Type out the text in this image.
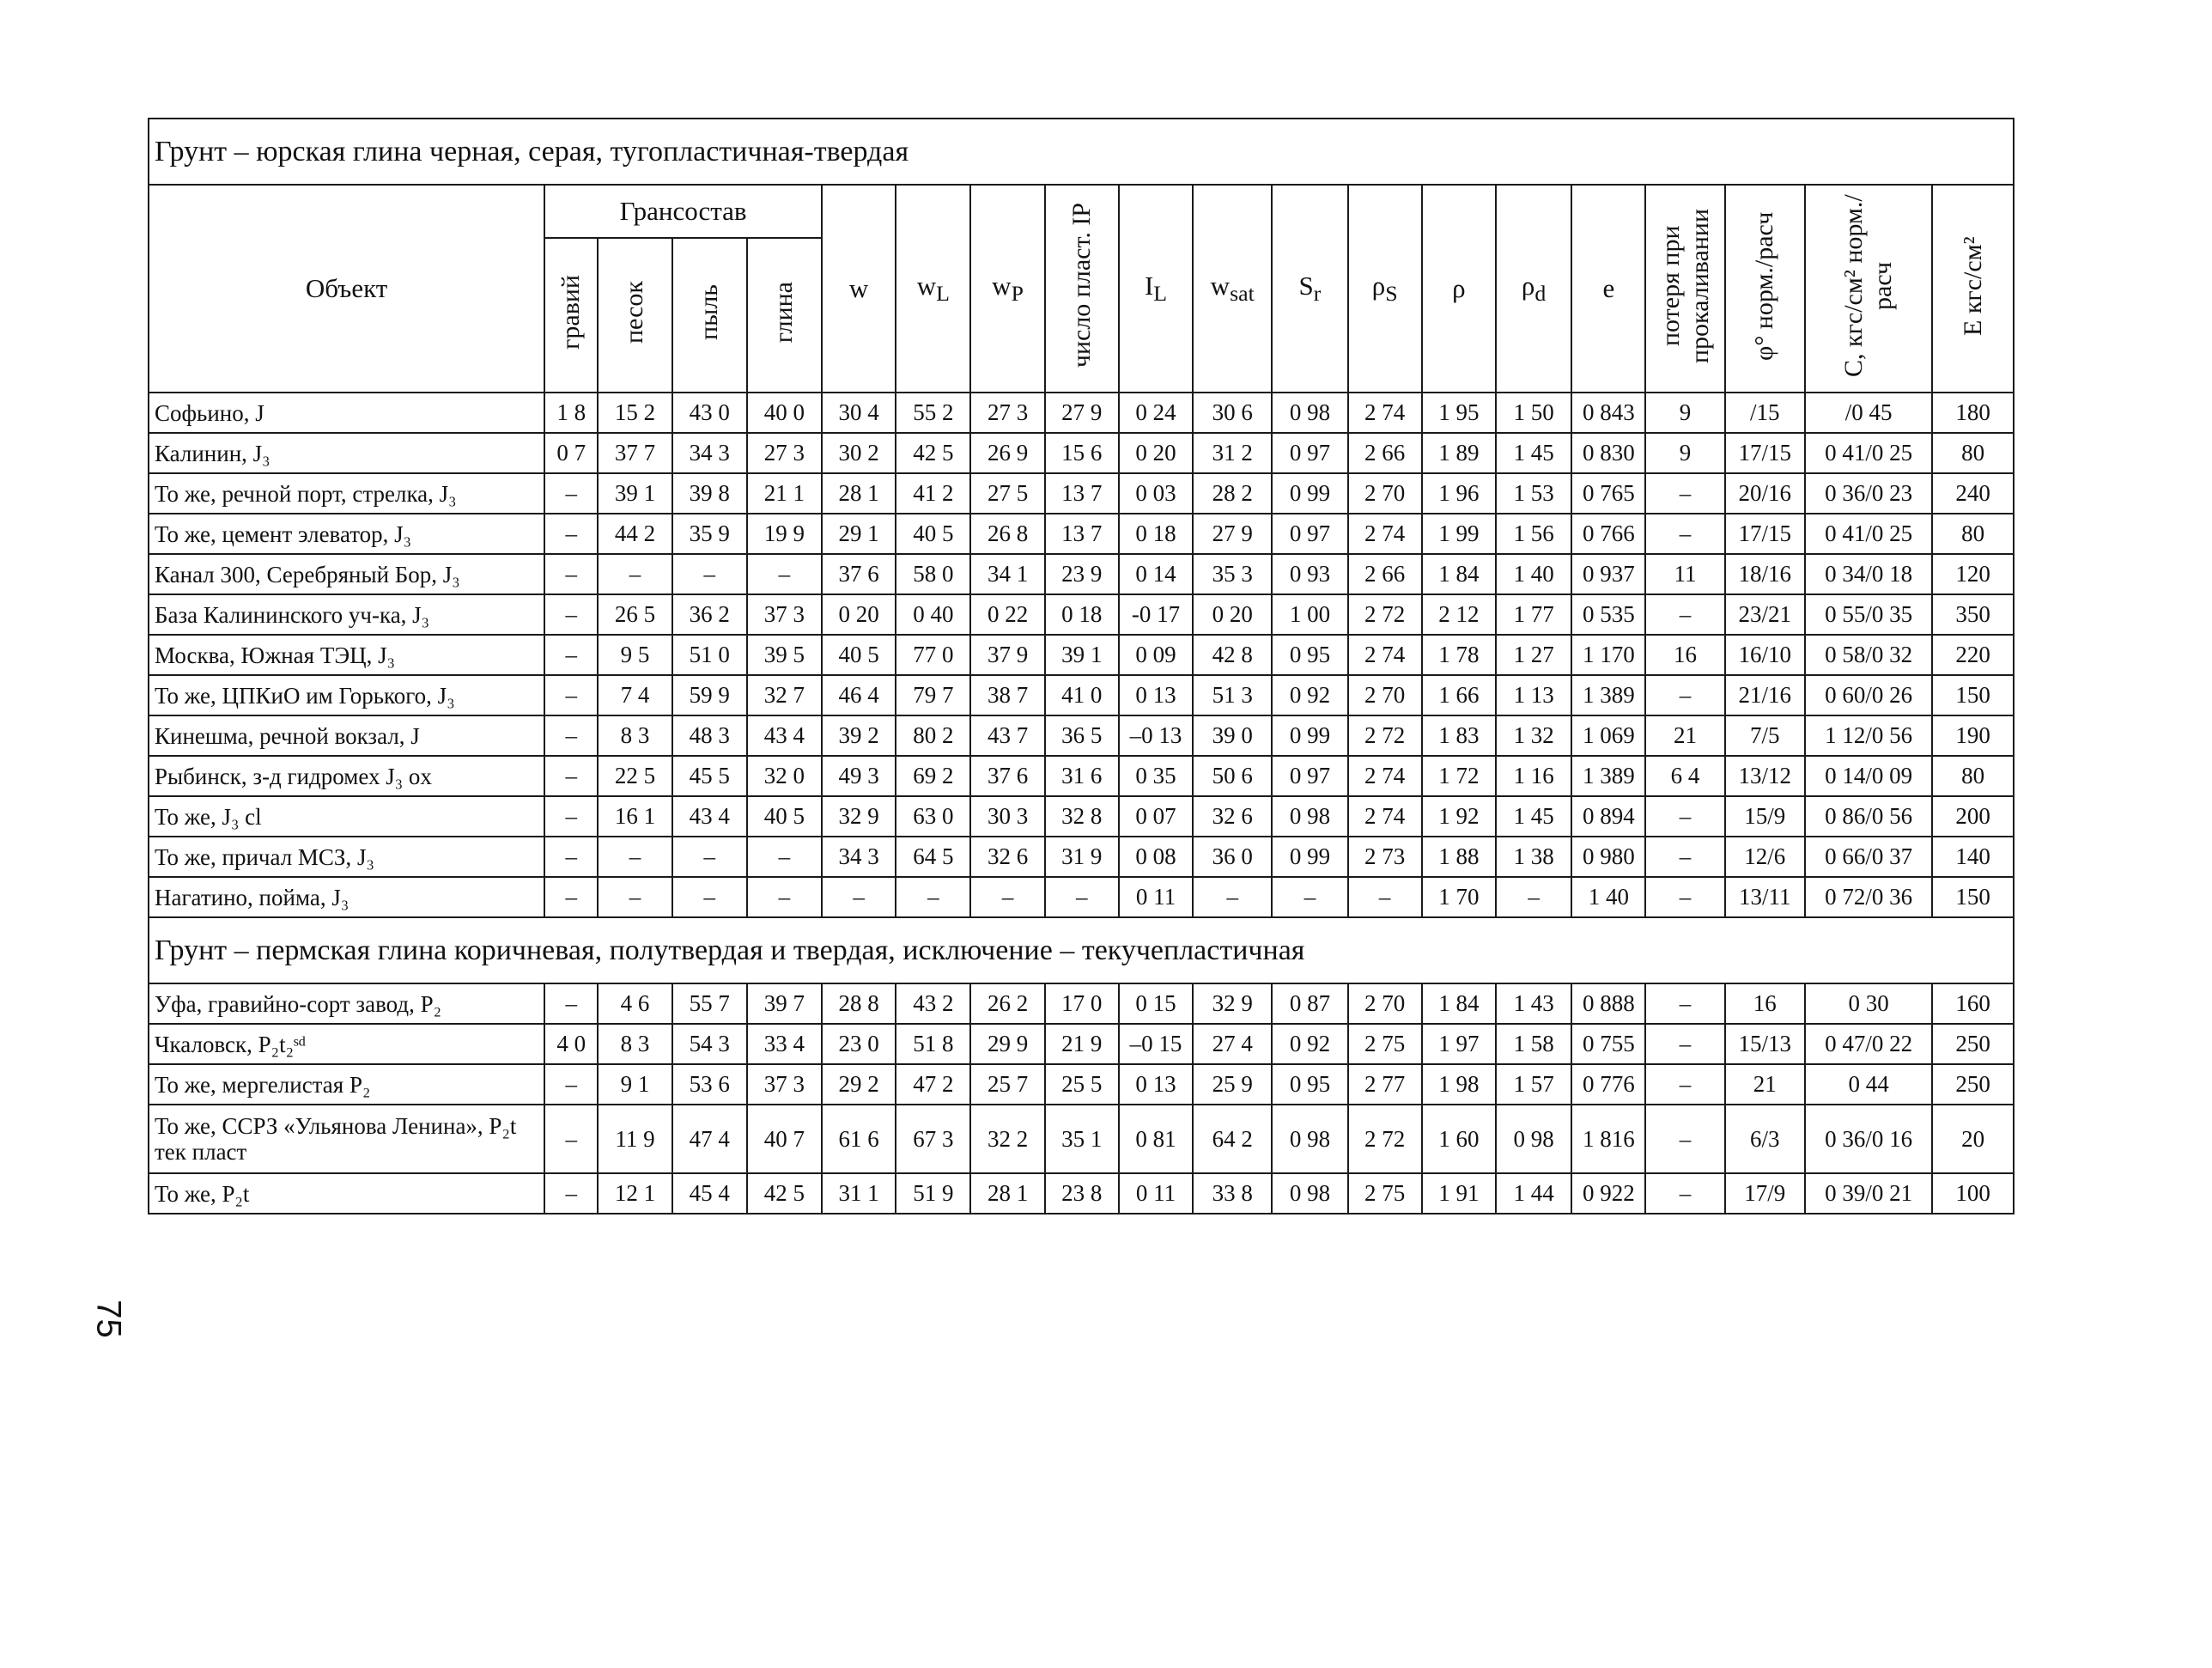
Грунт – юрская глина черная, серая, тугопластичная-твердая																			
Объект	Грансостав				w	$w_L$	$w_P$	число пласт. IP	$I_L$	$w_{sat}$	$S_r$	$\rho_S$	ρ	$\rho_d$	e	потеря при прокаливании	φ° норм./расч	С, кгс/см² норм./расч	Е кгс/см²
	гравий	песок	пыль	глина															
Софьино, J	1 8	15 2	43 0	40 0	30 4	55 2	27 3	27 9	0 24	30 6	0 98	2 74	1 95	1 50	0 843	9	/15	/0 45	180
Калинин, J₃	0 7	37 7	34 3	27 3	30 2	42 5	26 9	15 6	0 20	31 2	0 97	2 66	1 89	1 45	0 830	9	17/15	0 41/0 25	80
То же, речной порт, стрелка, J₃	–	39 1	39 8	21 1	28 1	41 2	27 5	13 7	0 03	28 2	0 99	2 70	1 96	1 53	0 765	–	20/16	0 36/0 23	240
То же, цемент элеватор, J₃	–	44 2	35 9	19 9	29 1	40 5	26 8	13 7	0 18	27 9	0 97	2 74	1 99	1 56	0 766	–	17/15	0 41/0 25	80
Канал 300, Серебряный Бор, J₃	–	–	–	–	37 6	58 0	34 1	23 9	0 14	35 3	0 93	2 66	1 84	1 40	0 937	11	18/16	0 34/0 18	120
База Калининского уч-ка, J₃	–	26 5	36 2	37 3	0 20	0 40	0 22	0 18	-0 17	0 20	1 00	2 72	2 12	1 77	0 535	–	23/21	0 55/0 35	350
Москва, Южная ТЭЦ, J₃	–	9 5	51 0	39 5	40 5	77 0	37 9	39 1	0 09	42 8	0 95	2 74	1 78	1 27	1 170	16	16/10	0 58/0 32	220
То же, ЦПКиО им Горького, J₃	–	7 4	59 9	32 7	46 4	79 7	38 7	41 0	0 13	51 3	0 92	2 70	1 66	1 13	1 389	–	21/16	0 60/0 26	150
Кинешма, речной вокзал, J	–	8 3	48 3	43 4	39 2	80 2	43 7	36 5	–0 13	39 0	0 99	2 72	1 83	1 32	1 069	21	7/5	1 12/0 56	190
Рыбинск, з-д гидромех J₃ ox	–	22 5	45 5	32 0	49 3	69 2	37 6	31 6	0 35	50 6	0 97	2 74	1 72	1 16	1 389	6 4	13/12	0 14/0 09	80
То же, J₃ cl	–	16 1	43 4	40 5	32 9	63 0	30 3	32 8	0 07	32 6	0 98	2 74	1 92	1 45	0 894	–	15/9	0 86/0 56	200
То же, причал МСЗ, J₃	–	–	–	–	34 3	64 5	32 6	31 9	0 08	36 0	0 99	2 73	1 88	1 38	0 980	–	12/6	0 66/0 37	140
Нагатино, пойма, J₃	–	–	–	–	–	–	–	–	0 11	–	–	–	1 70	–	1 40	–	13/11	0 72/0 36	150
Грунт – пермская глина коричневая, полутвердая и твердая, исключение – текучепластичная																			
Уфа, гравийно-сорт завод, P₂	–	4 6	55 7	39 7	28 8	43 2	26 2	17 0	0 15	32 9	0 87	2 70	1 84	1 43	0 888	–	16	0 30	160
Чкаловск, P₂t₂ˢᵈ	4 0	8 3	54 3	33 4	23 0	51 8	29 9	21 9	–0 15	27 4	0 92	2 75	1 97	1 58	0 755	–	15/13	0 47/0 22	250
То же, мергелистая P₂	–	9 1	53 6	37 3	29 2	47 2	25 7	25 5	0 13	25 9	0 95	2 77	1 98	1 57	0 776	–	21	0 44	250
То же, ССРЗ «Ульянова Ленина», P₂t тек пласт	–	11 9	47 4	40 7	61 6	67 3	32 2	35 1	0 81	64 2	0 98	2 72	1 60	0 98	1 816	–	6/3	0 36/0 16	20
То же, P₂t	–	12 1	45 4	42 5	31 1	51 9	28 1	23 8	0 11	33 8	0 98	2 75	1 91	1 44	0 922	–	17/9	0 39/0 21	100
75
